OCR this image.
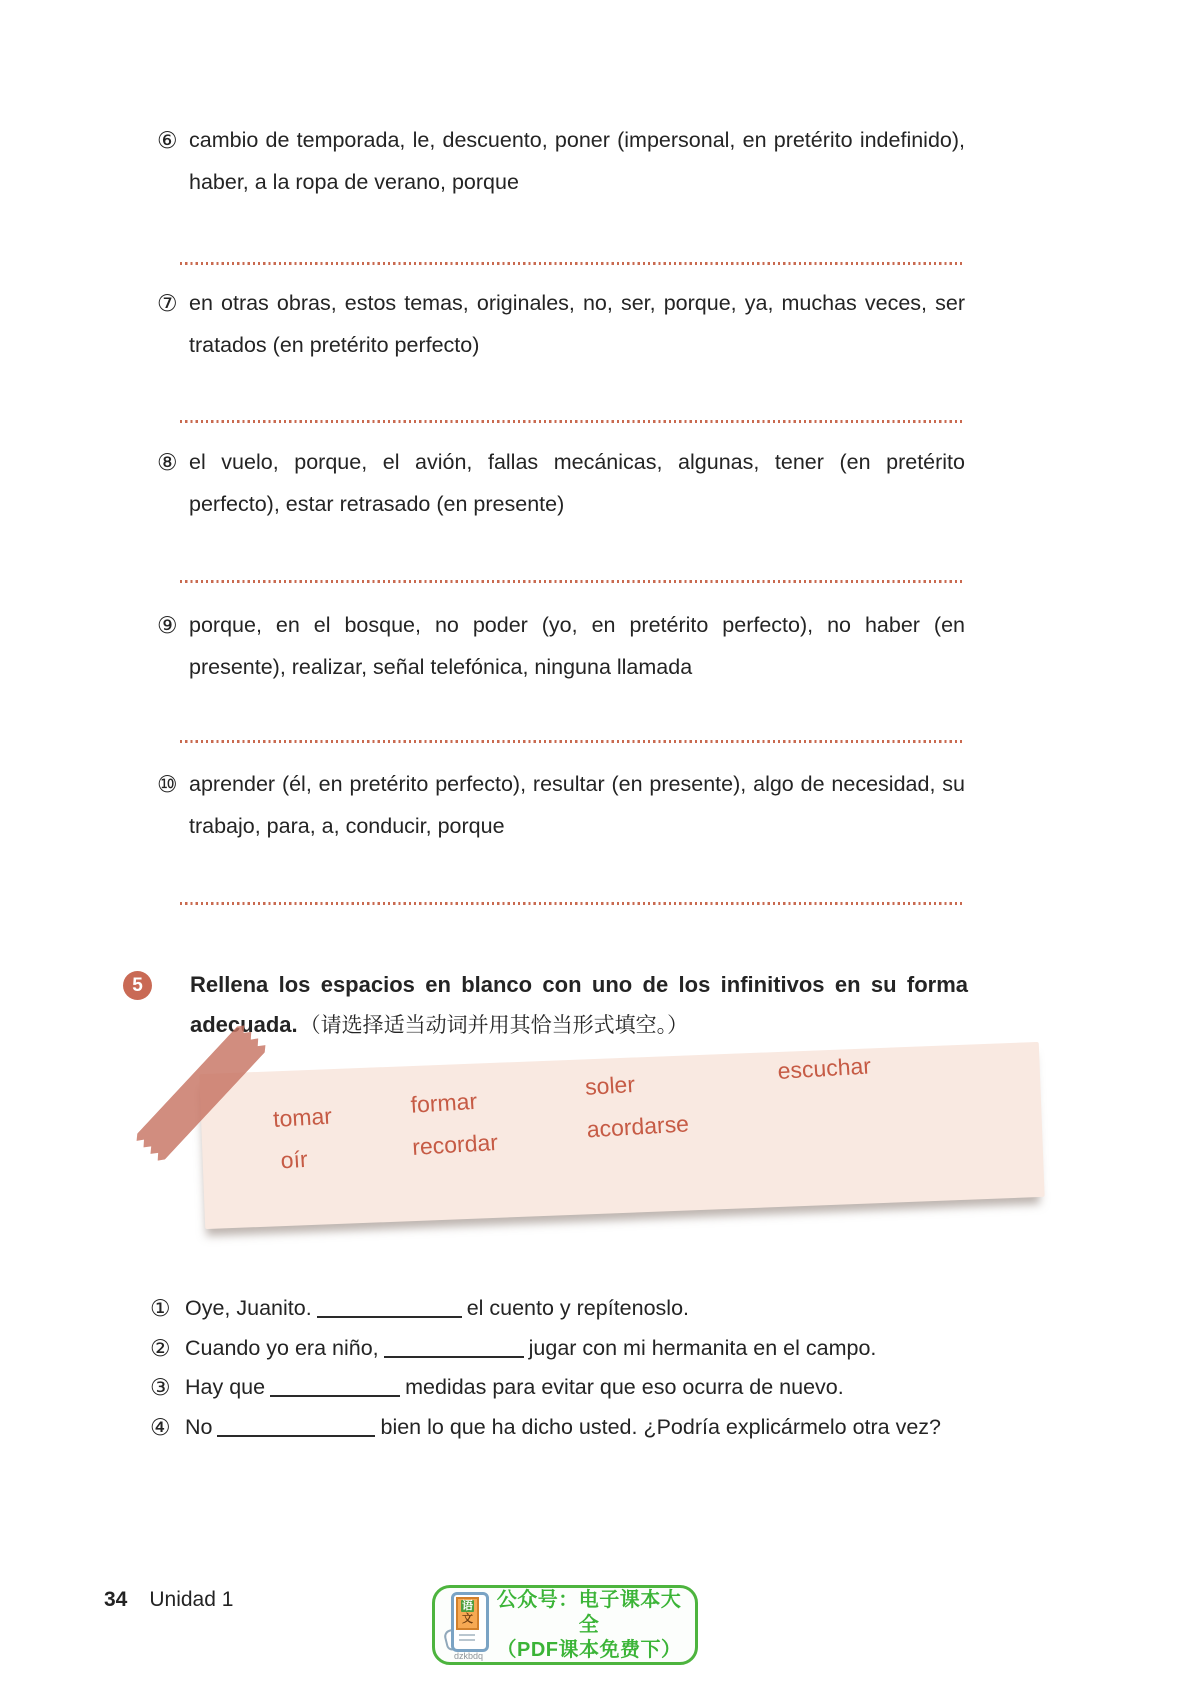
⑥ cambio de temporada, le, descuento, poner (impersonal, en pretérito indefinido), haber, a la ropa de verano, porque
⑦ en otras obras, estos temas, originales, no, ser, porque, ya, muchas veces, ser tratados (en pretérito perfecto)
⑧ el vuelo, porque, el avión, fallas mecánicas, algunas, tener (en pretérito perfecto), estar retrasado (en presente)
⑨ porque, en el bosque, no poder (yo, en pretérito perfecto), no haber (en presente), realizar, señal telefónica, ninguna llamada
⑩ aprender (él, en pretérito perfecto), resultar (en presente), algo de necesidad, su trabajo, para, a, conducir, porque
5	Rellena los espacios en blanco con uno de los infinitivos en su forma adecuada.（请选择适当动词并用其恰当形式填空。）
tomar	formar
soler
escuchar
oír	recordar
acordarse
① Oye, Juanito.	el cuento y repítenoslo.
② Cuando yo era niño,	jugar con mi hermanita en el campo.
③ Hay que	medidas para evitar que eso ocurra de nuevo.
④ No	bien lo que ha dicho usted. ¿Podría explicármelo otra vez?
34 Unidad 1	语文
dzkbdq
公众号：电子课本大全
（PDF课本免费下）
